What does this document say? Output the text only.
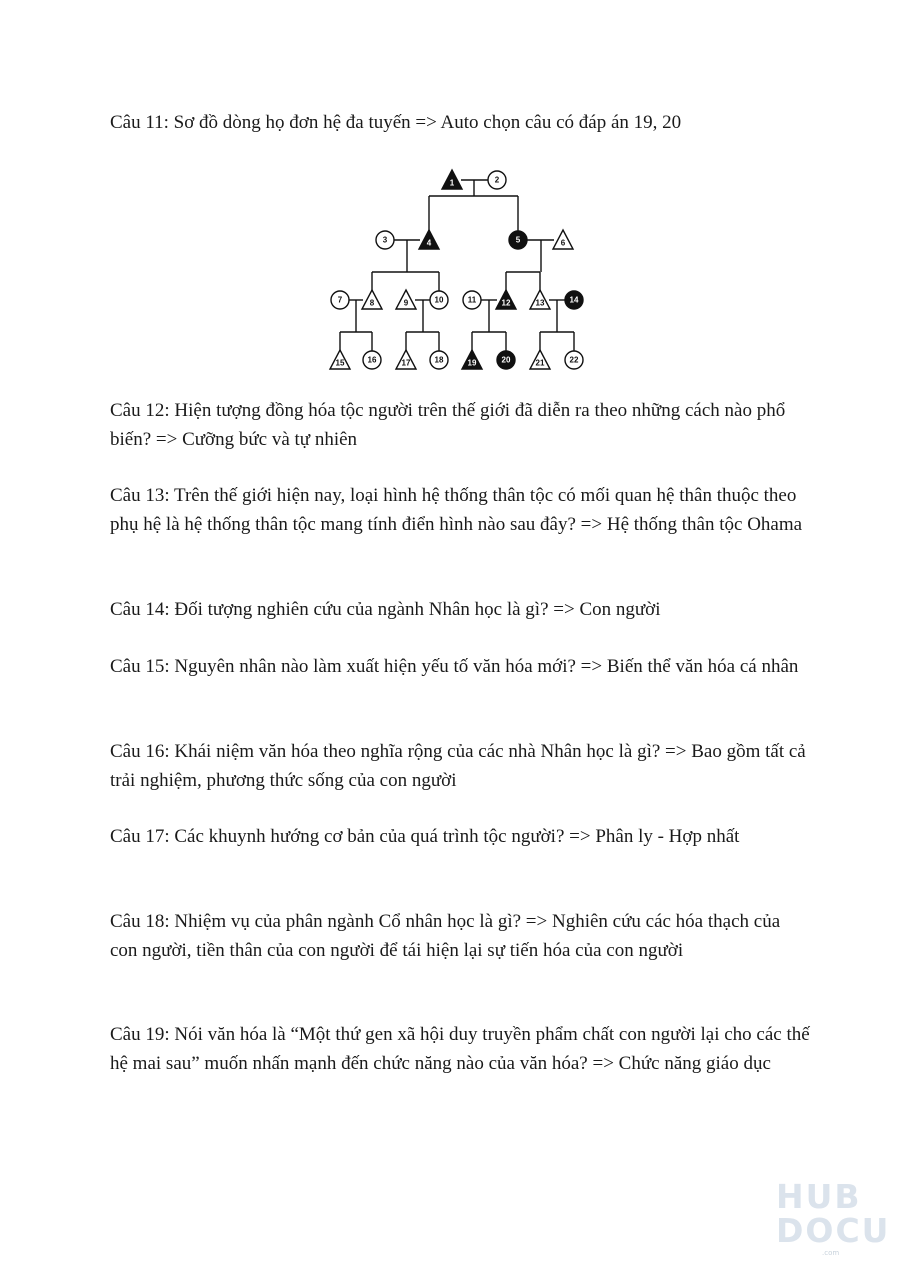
Câu 11: Sơ đồ dòng họ đơn hệ đa tuyến => Auto chọn câu có đáp án 19, 20

1	2
3	4	5	6
7	8	9	10	11	12	13	14
15	16	17	18	19	20	21	22

Câu 12: Hiện tượng đồng hóa tộc người trên thế giới đã diễn ra theo những cách nào phổ biến? => Cưỡng bức và tự nhiên

Câu 13: Trên thế giới hiện nay, loại hình hệ thống thân tộc có mối quan hệ thân thuộc theo phụ hệ là hệ thống thân tộc mang tính điển hình nào sau đây? => Hệ thống thân tộc Ohama

Câu 14: Đối tượng nghiên cứu của ngành Nhân học là gì? => Con người

Câu 15: Nguyên nhân nào làm xuất hiện yếu tố văn hóa mới? => Biến thể văn hóa cá nhân

Câu 16: Khái niệm văn hóa theo nghĩa rộng của các nhà Nhân học là gì? => Bao gồm tất cả trải nghiệm, phương thức sống của con người

Câu 17: Các khuynh hướng cơ bản của quá trình tộc người? => Phân ly - Hợp nhất

Câu 18: Nhiệm vụ của phân ngành Cổ nhân học là gì? => Nghiên cứu các hóa thạch của con người, tiền thân của con người để tái hiện lại sự tiến hóa của con người

Câu 19: Nói văn hóa là “Một thứ gen xã hội duy truyền phẩm chất con người lại cho các thế hệ mai sau” muốn nhấn mạnh đến chức năng nào của văn hóa? => Chức năng giáo dục

HUB
DOCU
.com
